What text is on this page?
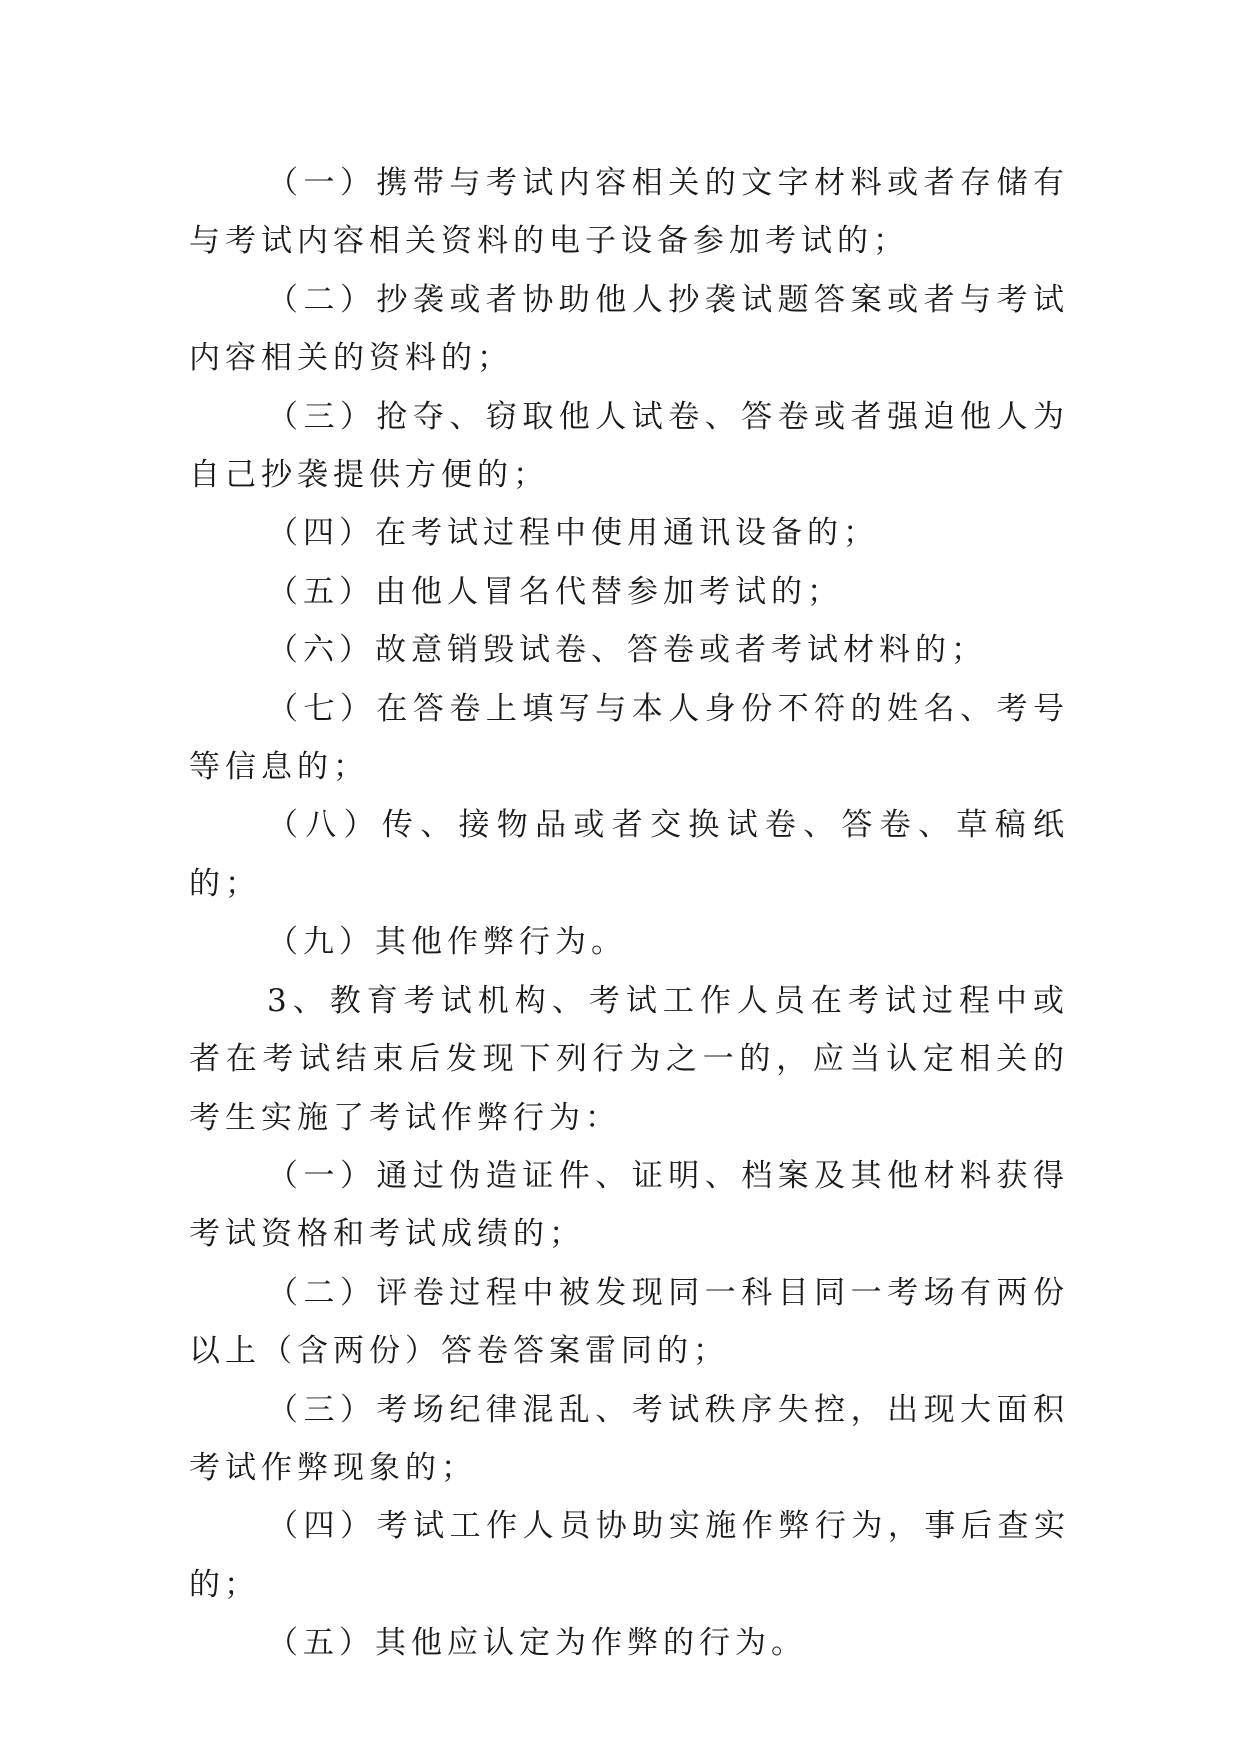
（一）携带与考试内容相关的文字材料或者存储有与考试内容相关资料的电子设备参加考试的；

（二）抄袭或者协助他人抄袭试题答案或者与考试内容相关的资料的；

（三）抢夺、窃取他人试卷、答卷或者强迫他人为自己抄袭提供方便的；

（四）在考试过程中使用通讯设备的；

（五）由他人冒名代替参加考试的；

（六）故意销毁试卷、答卷或者考试材料的；

（七）在答卷上填写与本人身份不符的姓名、考号等信息的；

（八）传、接物品或者交换试卷、答卷、草稿纸的；

（九）其他作弊行为。

3、教育考试机构、考试工作人员在考试过程中或者在考试结束后发现下列行为之一的，应当认定相关的考生实施了考试作弊行为：

（一）通过伪造证件、证明、档案及其他材料获得考试资格和考试成绩的；

（二）评卷过程中被发现同一科目同一考场有两份以上（含两份）答卷答案雷同的；

（三）考场纪律混乱、考试秩序失控，出现大面积考试作弊现象的；

（四）考试工作人员协助实施作弊行为，事后查实的；

（五）其他应认定为作弊的行为。
